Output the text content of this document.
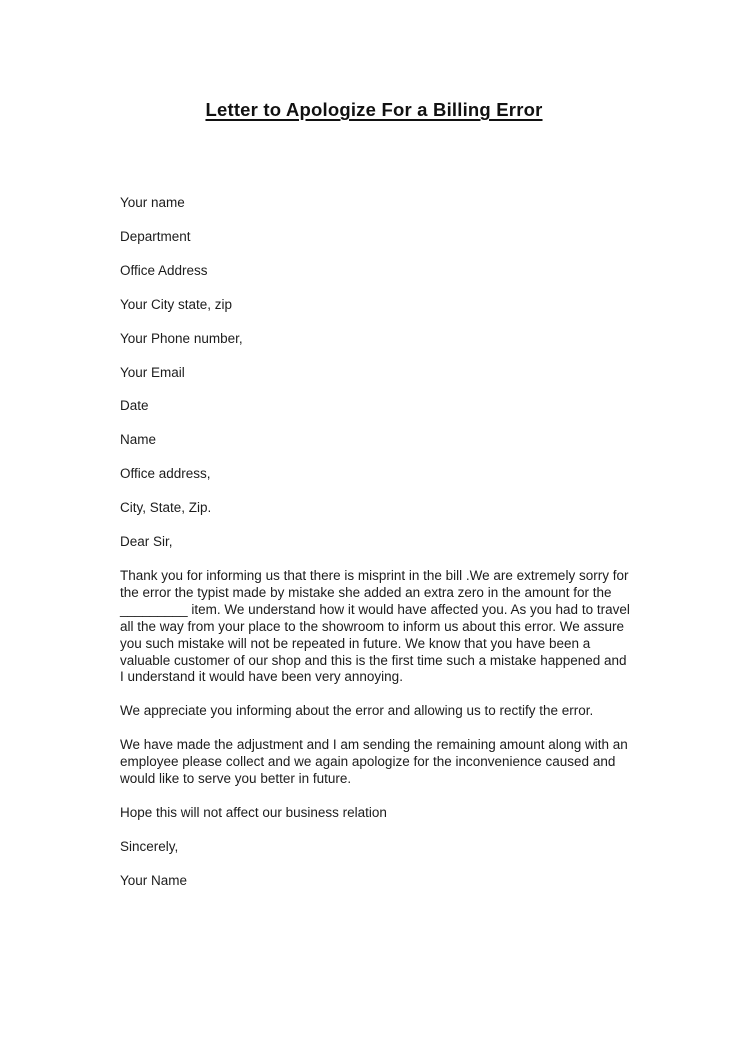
Letter to Apologize For a Billing Error

Your name

Department

Office Address

Your City state, zip

Your Phone number,

Your Email

Date

Name

Office address,

City, State, Zip.

Dear Sir,

Thank you for informing us that there is misprint in the bill .We are extremely sorry for the error the typist made by mistake she added an extra zero in the amount for the _________ item. We understand how it would have affected you. As you had to travel all the way from your place to the showroom to inform us about this error. We assure you such mistake will not be repeated in future. We know that you have been a valuable customer of our shop and this is the first time such a mistake happened and I understand it would have been very annoying.

We appreciate you informing about the error and allowing us to rectify the error.

We have made the adjustment and I am sending the remaining amount along with an employee please collect and we again apologize for the inconvenience caused and would like to serve you better in future.

Hope this will not affect our business relation

Sincerely,

Your Name
